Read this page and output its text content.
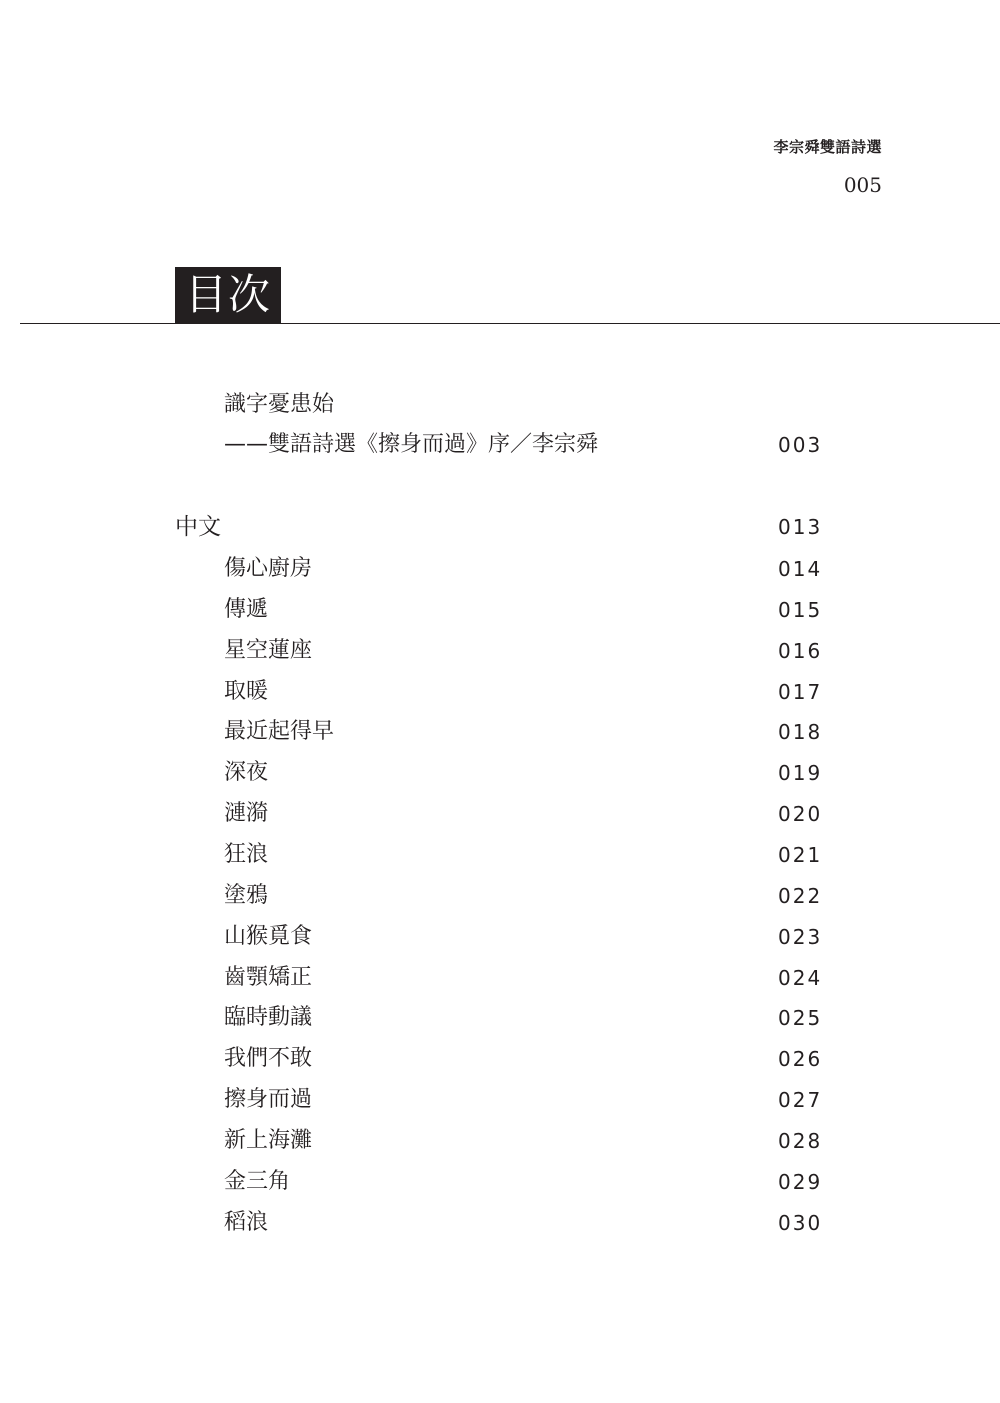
李宗舜雙語詩選
005
目次
識字憂患始
——雙語詩選《擦身而過》序／李宗舜	003
中文	013
傷心廚房	014
傳遞	015
星空蓮座	016
取暖	017
最近起得早	018
深夜	019
漣漪	020
狂浪	021
塗鴉	022
山猴覓食	023
齒顎矯正	024
臨時動議	025
我們不敢	026
擦身而過	027
新上海灘	028
金三角	029
稻浪	030
